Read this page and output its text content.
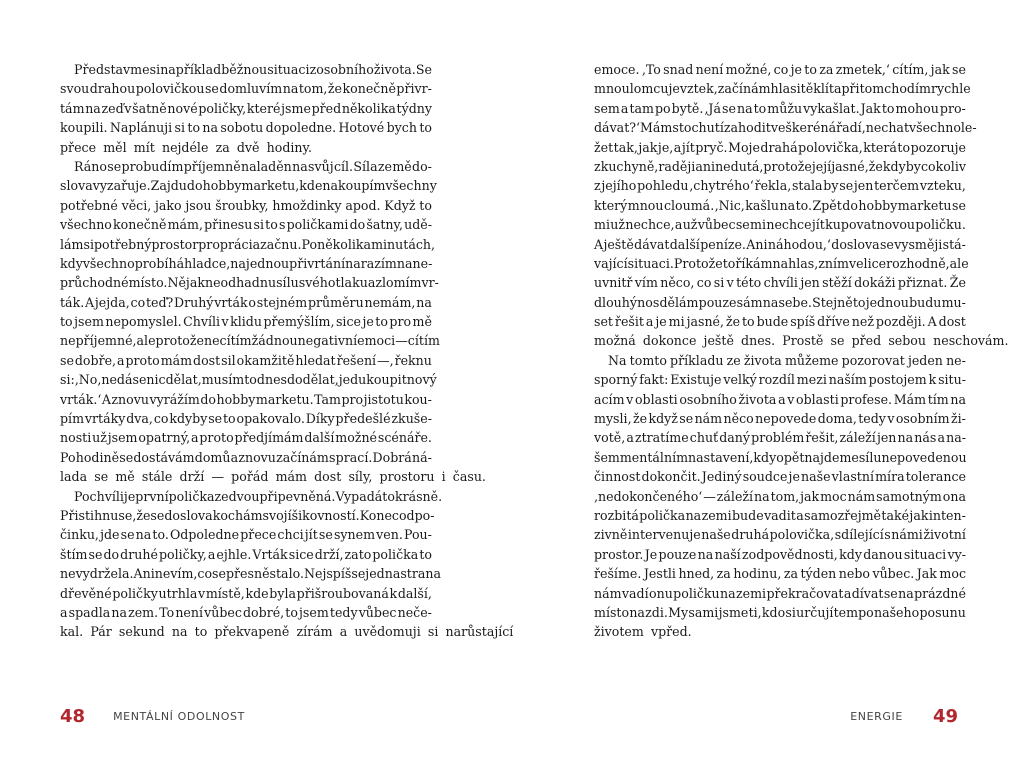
Představme si například běžnou situaci z osobního života. Se
svou drahou polovičkou se domluvím na tom, že konečně přivr-
tám na zeď v šatně nové poličky, které jsme před několika týdny
koupili. Naplánuji si to na sobotu dopoledne. Hotové bych to
přece měl mít nejdéle za dvě hodiny.
Ráno se probudím příjemně naladěn na svůj cíl. Síla ze mě do-
slova vyzařuje. Zajdu do hobby marketu, kde nakoupím všechny
potřebné věci, jako jsou šroubky, hmoždinky apod. Když to
všechno konečně mám, přinesu si to s poličkami do šatny, udě-
lám si potřebný prostor pro práci a začnu. Po několika minutách,
kdy všechno probíhá hladce, najednou při vrtání narazím na ne-
průchodné místo. Nějak neodhadnu sílu svého tlaku a zlomím vr-
ták. A jejda, co teď? Druhý vrták o stejném průměru nemám, na
to jsem nepomyslel. Chvíli v klidu přemýšlím, sice je to pro mě
nepříjemné, ale protože necítím žádnou negativní emoci — cítím
se dobře, a proto mám dost sil okamžitě hledat řešení —, řeknu
si: ‚No, nedá se nic dělat, musím to dnes dodělat, jedu koupit nový
vrták.‘ A znovu vyrážím do hobby marketu. Tam pro jistotu kou-
pím vrtáky dva, co kdyby se to opakovalo. Díky předešlé zkuše-
nosti už jsem opatrný, a proto předjímám další možné scénáře.
Po hodině se dostávám domů a znovu začínám s prací. Dobrá ná-
lada se mě stále drží — pořád mám dost síly, prostoru i času.
Po chvíli je první polička ze dvou připevněná. Vypadá to krásně.
Přistihnu se, že se doslova kochám svojí šikovností. Konec odpo-
činku, jde se na to. Odpoledne přece chci jít se synem ven. Pou-
štím se do druhé poličky, a ejhle. Vrták sice drží, zato polička to
nevydržela. Ani nevím, co se přesně stalo. Nejspíš se jedna strana
dřevěné poličky utrhla v místě, kde byla přišroubovaná k další,
a spadla na zem. To není vůbec dobré, to jsem tedy vůbec neče-
kal. Pár sekund na to překvapeně zírám a uvědomuji si narůstající
emoce. ‚To snad není možné, co je to za zmetek,‘ cítím, jak se
mnou lomcuje vztek, začínám hlasitě klít a přitom chodím rychle
sem a tam po bytě. ‚Já se na to můžu vykašlat. Jak to mohou pro-
dávat?‘ Mám sto chutí zahodit veškeré nářadí, nechat všechno le-
žet tak, jak je, a jít pryč. Moje drahá polovička, která to pozoruje
z kuchyně, raději ani nedutá, protože je jí jasné, že kdyby cokoliv
z jejího pohledu ‚chytrého‘ řekla, stala by se jen terčem vzteku,
který mnou cloumá. ‚Nic, kašlu na to. Zpět do hobby marketu se
mi už nechce, a už vůbec se mi nechce jít kupovat novou poličku.
A ještě dávat další peníze. Ani náhodou,‘ doslova se vysměji stá-
vající situaci. Protože to říkám nahlas, zním velice rozhodně, ale
uvnitř vím něco, co si v této chvíli jen stěží dokáži přiznat. Že
dlouhý nos dělám pouze sám na sebe. Stejně to jednou budu mu-
set řešit a je mi jasné, že to bude spíš dříve než později. A dost
možná dokonce ještě dnes. Prostě se před sebou neschovám.
Na tomto příkladu ze života můžeme pozorovat jeden ne-
sporný fakt: Existuje velký rozdíl mezi naším postojem k situ-
acím v oblasti osobního života a v oblasti profese. Mám tím na
mysli, že když se nám něco nepovede doma, tedy v osobním ži-
votě, a ztratíme chuť daný problém řešit, záleží jen na nás a na-
šem mentálním nastavení, kdy opět najdeme sílu nepovedenou
činnost dokončit. Jediný soudce je naše vlastní míra tolerance
‚nedokončeného‘ — záleží na tom, jak moc nám samotným ona
rozbitá polička na zemi bude vadit a samozřejmě také jak inten-
zivně intervenuje naše druhá polovička, sdílející s námi životní
prostor. Je pouze na naší zodpovědnosti, kdy danou situaci vy-
řešíme. Jestli hned, za hodinu, za týden nebo vůbec. Jak moc
nám vadí onu poličku na zemi překračovat a dívat se na prázdné
místo na zdi. My sami jsme ti, kdo si určují tempo našeho posunu
životem vpřed.
48	MENTÁLNÍ ODOLNOST	ENERGIE 49
